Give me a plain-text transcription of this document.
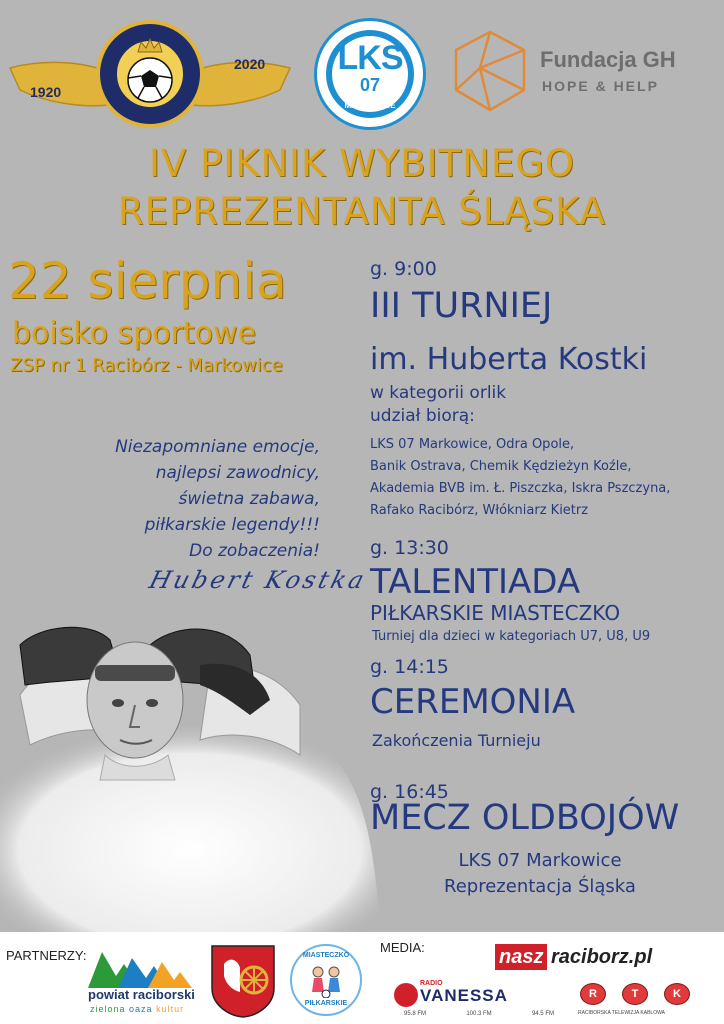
1920
2020	LKS
07
MARKOWICE
Fundacja GH
HOPE & HELP
IV PIKNIK WYBITNEGO
REPREZENTANTA ŚLĄSKA
22 sierpnia
boisko sportowe
ZSP nr 1 Racibórz - Markowice
Niezapomniane emocje,
najlepsi zawodnicy,
świetna zabawa,
piłkarskie legendy!!!
Do zobaczenia!
Hubert Kostka
g. 9:00
III TURNIEJ
im. Huberta Kostki
w kategorii orlik
udział biorą:
LKS 07 Markowice, Odra Opole,
Banik Ostrava, Chemik Kędzieżyn Koźle,
Akademia BVB im. Ł. Piszczka, Iskra Pszczyna,
Rafako Racibórz, Włókniarz Kietrz
g. 13:30
TALENTIADA
PIŁKARSKIE MIASTECZKO
Turniej dla dzieci w kategoriach U7, U8, U9
g. 14:15
CEREMONIA
Zakończenia Turnieju
g. 16:45
MECZ OLDBOJÓW
LKS 07 Markowice
Reprezentacja Śląska
PARTNERZY:
powiat raciborski
zielona oaza kultur
MIASTECZKO
PIŁKARSKIE
MEDIA:	nasz raciborz.pl
RADIO
VANESSA
95.8 FM	100.3 FM	94.5 FM
R	T	K
RACIBORSKA TELEWIZJA KABLOWA
